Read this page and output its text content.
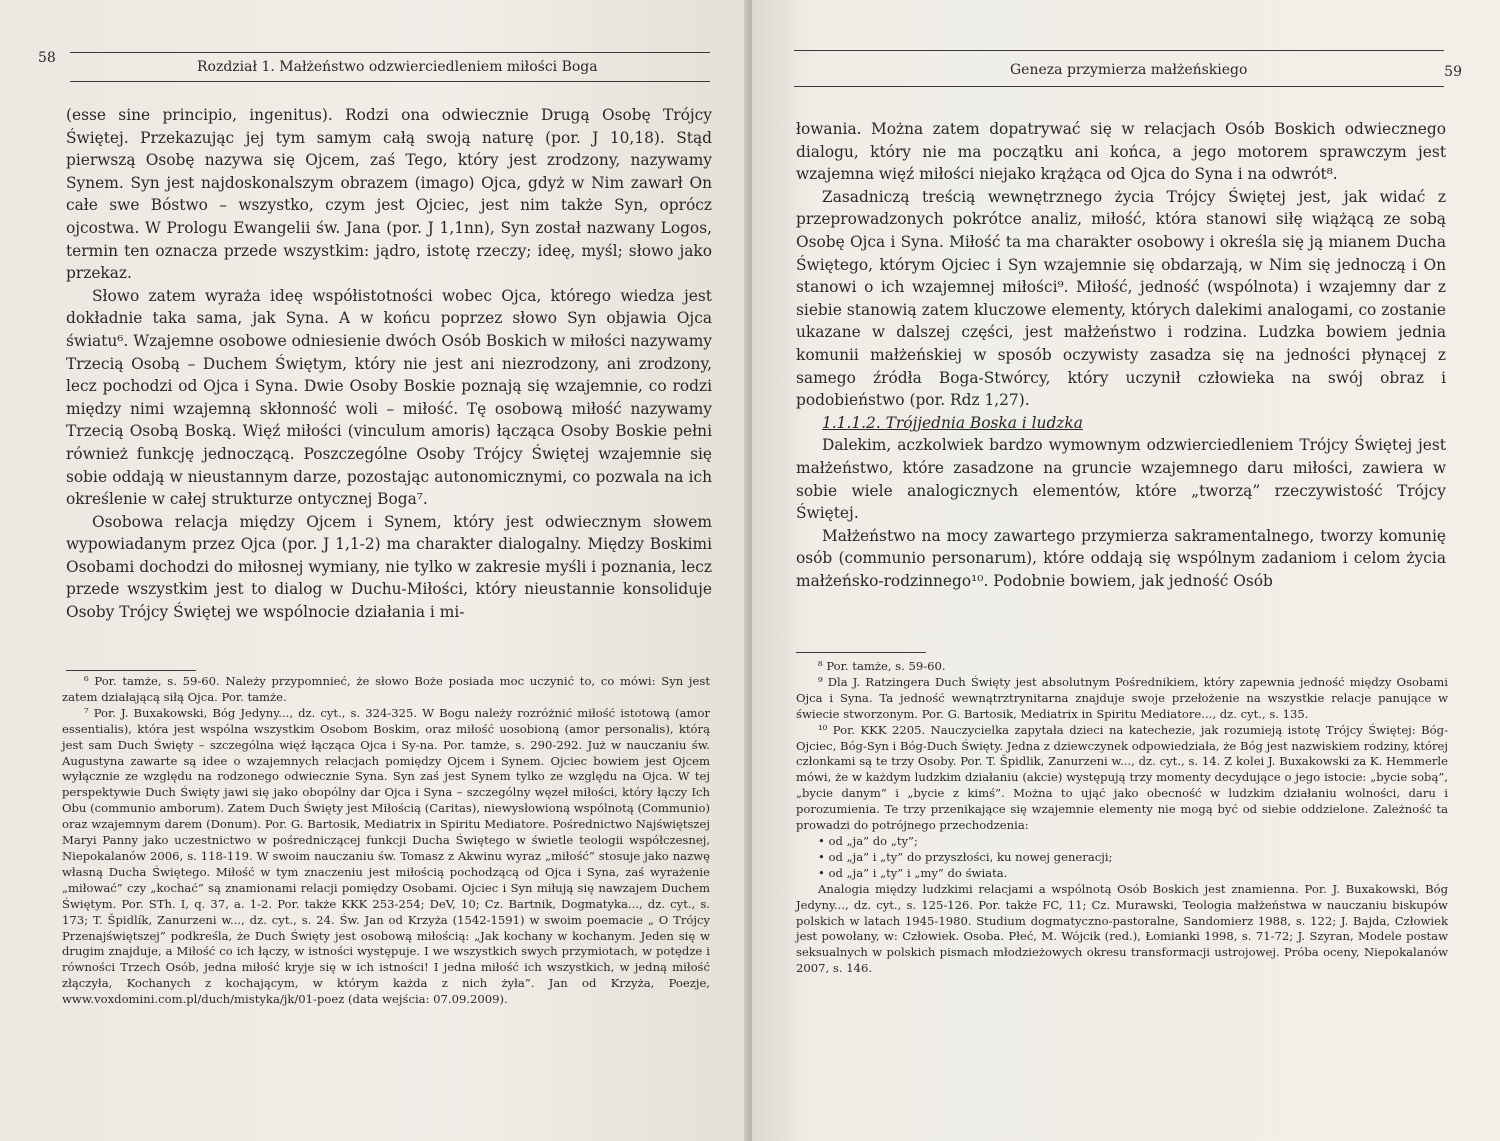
58
Rozdział 1. Małżeństwo odzwierciedleniem miłości Boga

(esse sine principio, ingenitus). Rodzi ona odwiecznie Drugą Osobę Trójcy Świętej. Przekazując jej tym samym całą swoją naturę (por. J 10,18). Stąd pierwszą Osobę nazywa się Ojcem, zaś Tego, który jest zrodzony, nazywamy Synem. Syn jest najdoskonalszym obrazem (imago) Ojca, gdyż w Nim zawarł On całe swe Bóstwo – wszystko, czym jest Ojciec, jest nim także Syn, oprócz ojcostwa. W Prologu Ewangelii św. Jana (por. J 1,1nn), Syn został nazwany Logos, termin ten oznacza przede wszystkim: jądro, istotę rzeczy; ideę, myśl; słowo jako przekaz.

Słowo zatem wyraża ideę współistotności wobec Ojca, którego wiedza jest dokładnie taka sama, jak Syna. A w końcu poprzez słowo Syn objawia Ojca światu⁶. Wzajemne osobowe odniesienie dwóch Osób Boskich w miłości nazywamy Trzecią Osobą – Duchem Świętym, który nie jest ani niezrodzony, ani zrodzony, lecz pochodzi od Ojca i Syna. Dwie Osoby Boskie poznają się wzajemnie, co rodzi między nimi wzajemną skłonność woli – miłość. Tę osobową miłość nazywamy Trzecią Osobą Boską. Więź miłości (vinculum amoris) łącząca Osoby Boskie pełni również funkcję jednoczącą. Poszczególne Osoby Trójcy Świętej wzajemnie się sobie oddają w nieustannym darze, pozostając autonomicznymi, co pozwala na ich określenie w całej strukturze ontycznej Boga⁷.

Osobowa relacja między Ojcem i Synem, który jest odwiecznym słowem wypowiadanym przez Ojca (por. J 1,1-2) ma charakter dialogalny. Między Boskimi Osobami dochodzi do miłosnej wymiany, nie tylko w zakresie myśli i poznania, lecz przede wszystkim jest to dialog w Duchu-Miłości, który nieustannie konsoliduje Osoby Trójcy Świętej we wspólnocie działania i mi-

⁶ Por. tamże, s. 59-60. Należy przypomnieć, że słowo Boże posiada moc uczynić to, co mówi: Syn jest zatem działającą siłą Ojca. Por. tamże.

⁷ Por. J. Buxakowski, Bóg Jedyny..., dz. cyt., s. 324-325. W Bogu należy rozróżnić miłość istotową (amor essentialis), która jest wspólna wszystkim Osobom Boskim, oraz miłość uosobioną (amor personalis), którą jest sam Duch Święty – szczególna więź łącząca Ojca i Sy-na. Por. tamże, s. 290-292. Już w nauczaniu św. Augustyna zawarte są idee o wzajemnych relacjach pomiędzy Ojcem i Synem. Ojciec bowiem jest Ojcem wyłącznie ze względu na rodzonego odwiecznie Syna. Syn zaś jest Synem tylko ze względu na Ojca. W tej perspektywie Duch Święty jawi się jako obopólny dar Ojca i Syna – szczególny węzeł miłości, który łączy Ich Obu (communio amborum). Zatem Duch Święty jest Miłością (Caritas), niewysłowioną wspólnotą (Communio) oraz wzajemnym darem (Donum). Por. G. Bartosik, Mediatrix in Spiritu Mediatore. Pośrednictwo Najświętszej Maryi Panny jako uczestnictwo w pośredniczącej funkcji Ducha Świętego w świetle teologii współczesnej, Niepokalanów 2006, s. 118-119. W swoim nauczaniu św. Tomasz z Akwinu wyraz „miłość” stosuje jako nazwę własną Ducha Świętego. Miłość w tym znaczeniu jest miłością pochodzącą od Ojca i Syna, zaś wyrażenie „miłować” czy „kochać” są znamionami relacji pomiędzy Osobami. Ojciec i Syn miłują się nawzajem Duchem Świętym. Por. STh. I, q. 37, a. 1-2. Por. także KKK 253-254; DeV, 10; Cz. Bartnik, Dogmatyka..., dz. cyt., s. 173; T. Špidlík, Zanurzeni w..., dz. cyt., s. 24. Św. Jan od Krzyża (1542-1591) w swoim poemacie „ O Trójcy Przenajświętszej” podkreśla, że Duch Święty jest osobową miłością: „Jak kochany w kochanym. Jeden się w drugim znajduje, a Miłość co ich łączy, w istności występuje. I we wszystkich swych przymiotach, w potędze i równości Trzech Osób, jedna miłość kryje się w ich istności! I jedna miłość ich wszystkich, w jedną miłość złączyła, Kochanych z kochającym, w którym każda z nich żyła”. Jan od Krzyża, Poezje, www.voxdomini.com.pl/duch/mistyka/jk/01-poez (data wejścia: 07.09.2009).

59
Geneza przymierza małżeńskiego

łowania. Można zatem dopatrywać się w relacjach Osób Boskich odwiecznego dialogu, który nie ma początku ani końca, a jego motorem sprawczym jest wzajemna więź miłości niejako krążąca od Ojca do Syna i na odwrót⁸.

Zasadniczą treścią wewnętrznego życia Trójcy Świętej jest, jak widać z przeprowadzonych pokrótce analiz, miłość, która stanowi siłę wiążącą ze sobą Osobę Ojca i Syna. Miłość ta ma charakter osobowy i określa się ją mianem Ducha Świętego, którym Ojciec i Syn wzajemnie się obdarzają, w Nim się jednoczą i On stanowi o ich wzajemnej miłości⁹. Miłość, jedność (wspólnota) i wzajemny dar z siebie stanowią zatem kluczowe elementy, których dalekimi analogami, co zostanie ukazane w dalszej części, jest małżeństwo i rodzina. Ludzka bowiem jednia komunii małżeńskiej w sposób oczywisty zasadza się na jedności płynącej z samego źródła Boga-Stwórcy, który uczynił człowieka na swój obraz i podobieństwo (por. Rdz 1,27).

1.1.1.2. Trójjednia Boska i ludzka

Dalekim, aczkolwiek bardzo wymownym odzwierciedleniem Trójcy Świętej jest małżeństwo, które zasadzone na gruncie wzajemnego daru miłości, zawiera w sobie wiele analogicznych elementów, które „tworzą” rzeczywistość Trójcy Świętej.

Małżeństwo na mocy zawartego przymierza sakramentalnego, tworzy komunię osób (communio personarum), które oddają się wspólnym zadaniom i celom życia małżeńsko-rodzinnego¹⁰. Podobnie bowiem, jak jedność Osób

⁸ Por. tamże, s. 59-60.

⁹ Dla J. Ratzingera Duch Święty jest absolutnym Pośrednikiem, który zapewnia jedność między Osobami Ojca i Syna. Ta jedność wewnątrztrynitarna znajduje swoje przełożenie na wszystkie relacje panujące w świecie stworzonym. Por. G. Bartosik, Mediatrix in Spiritu Mediatore..., dz. cyt., s. 135.

¹⁰ Por. KKK 2205. Nauczycielka zapytała dzieci na katechezie, jak rozumieją istotę Trójcy Świętej: Bóg-Ojciec, Bóg-Syn i Bóg-Duch Święty. Jedna z dziewczynek odpowiedziała, że Bóg jest nazwiskiem rodziny, której członkami są te trzy Osoby. Por. T. Špidlik, Zanurzeni w..., dz. cyt., s. 14. Z kolei J. Buxakowski za K. Hemmerle mówi, że w każdym ludzkim działaniu (akcie) występują trzy momenty decydujące o jego istocie: „bycie sobą”, „bycie danym” i „bycie z kimś”. Można to ująć jako obecność w ludzkim działaniu wolności, daru i porozumienia. Te trzy przenikające się wzajemnie elementy nie mogą być od siebie oddzielone. Zależność ta prowadzi do potrójnego przechodzenia:

• od „ja” do „ty”;

• od „ja” i „ty” do przyszłości, ku nowej generacji;

• od „ja” i „ty” i „my” do świata.

Analogia między ludzkimi relacjami a wspólnotą Osób Boskich jest znamienna. Por. J. Buxakowski, Bóg Jedyny..., dz. cyt., s. 125-126. Por. także FC, 11; Cz. Murawski, Teologia małżeństwa w nauczaniu biskupów polskich w latach 1945-1980. Studium dogmatyczno-pastoralne, Sandomierz 1988, s. 122; J. Bajda, Człowiek jest powołany, w: Człowiek. Osoba. Płeć, M. Wójcik (red.), Łomianki 1998, s. 71-72; J. Szyran, Modele postaw seksualnych w polskich pismach młodzieżowych okresu transformacji ustrojowej. Próba oceny, Niepokalanów 2007, s. 146.
